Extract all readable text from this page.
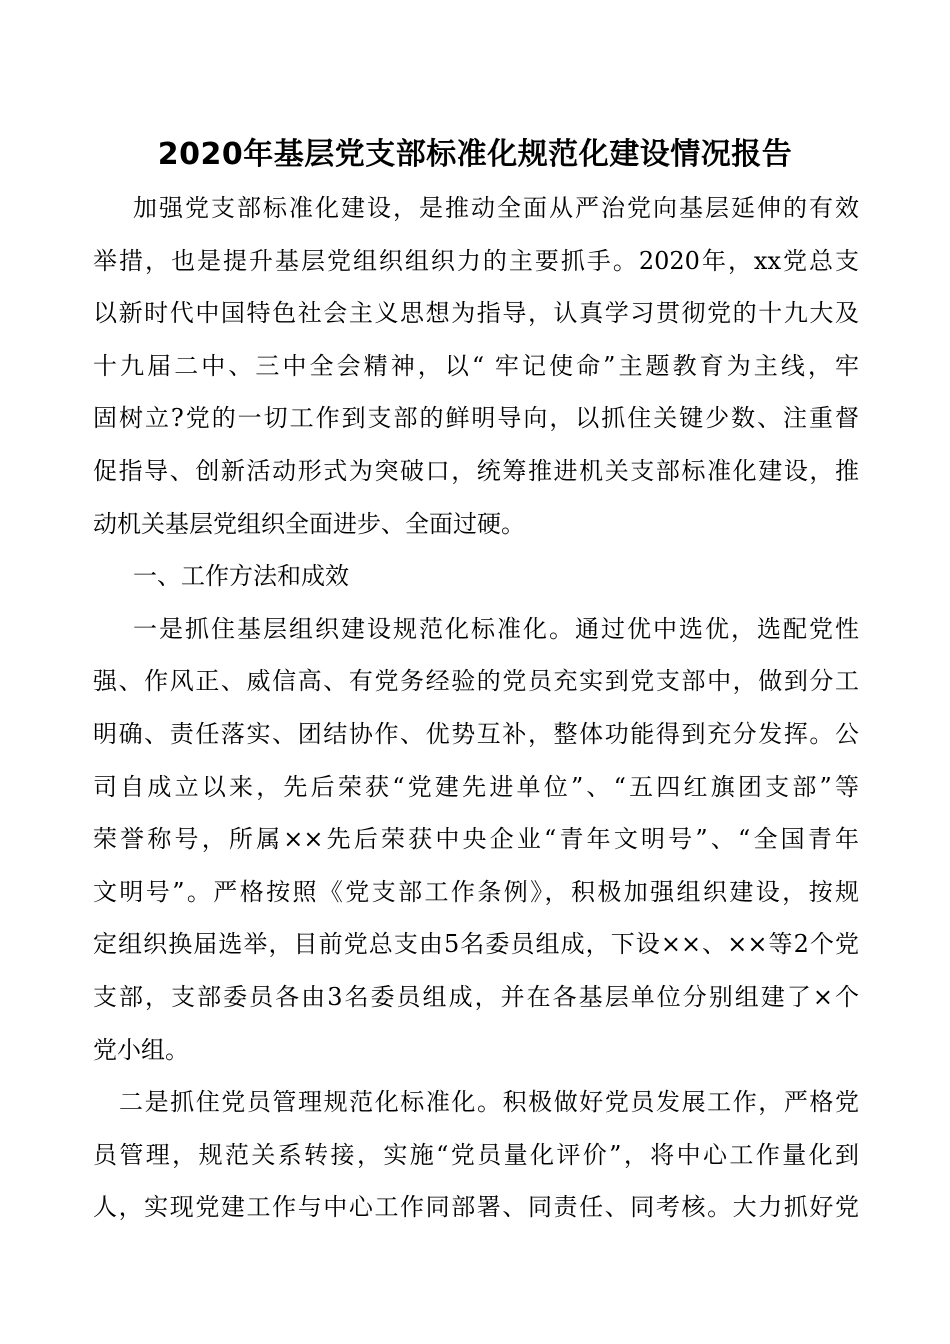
2020年基层党支部标准化规范化建设情况报告
加强党支部标准化建设，是推动全面从严治党向基层延伸的有效
举措，也是提升基层党组织组织力的主要抓手。2020年，xx党总支
以新时代中国特色社会主义思想为指导，认真学习贯彻党的十九大及
十九届二中、三中全会精神，以“ 牢记使命”主题教育为主线，牢
固树立?党的一切工作到支部的鲜明导向，以抓住关键少数、注重督
促指导、创新活动形式为突破口，统筹推进机关支部标准化建设，推
动机关基层党组织全面进步、全面过硬。
一、工作方法和成效
一是抓住基层组织建设规范化标准化。通过优中选优，选配党性
强、作风正、威信高、有党务经验的党员充实到党支部中，做到分工
明确、责任落实、团结协作、优势互补，整体功能得到充分发挥。公
司自成立以来，先后荣获“党建先进单位”、“五四红旗团支部”等
荣誉称号，所属××先后荣获中央企业“青年文明号”、“全国青年
文明号”。严格按照《党支部工作条例》，积极加强组织建设，按规
定组织换届选举，目前党总支由5名委员组成，下设××、××等2个党
支部，支部委员各由3名委员组成，并在各基层单位分别组建了×个
党小组。
二是抓住党员管理规范化标准化。积极做好党员发展工作，严格党
员管理，规范关系转接，实施“党员量化评价”，将中心工作量化到
人，实现党建工作与中心工作同部署、同责任、同考核。大力抓好党
